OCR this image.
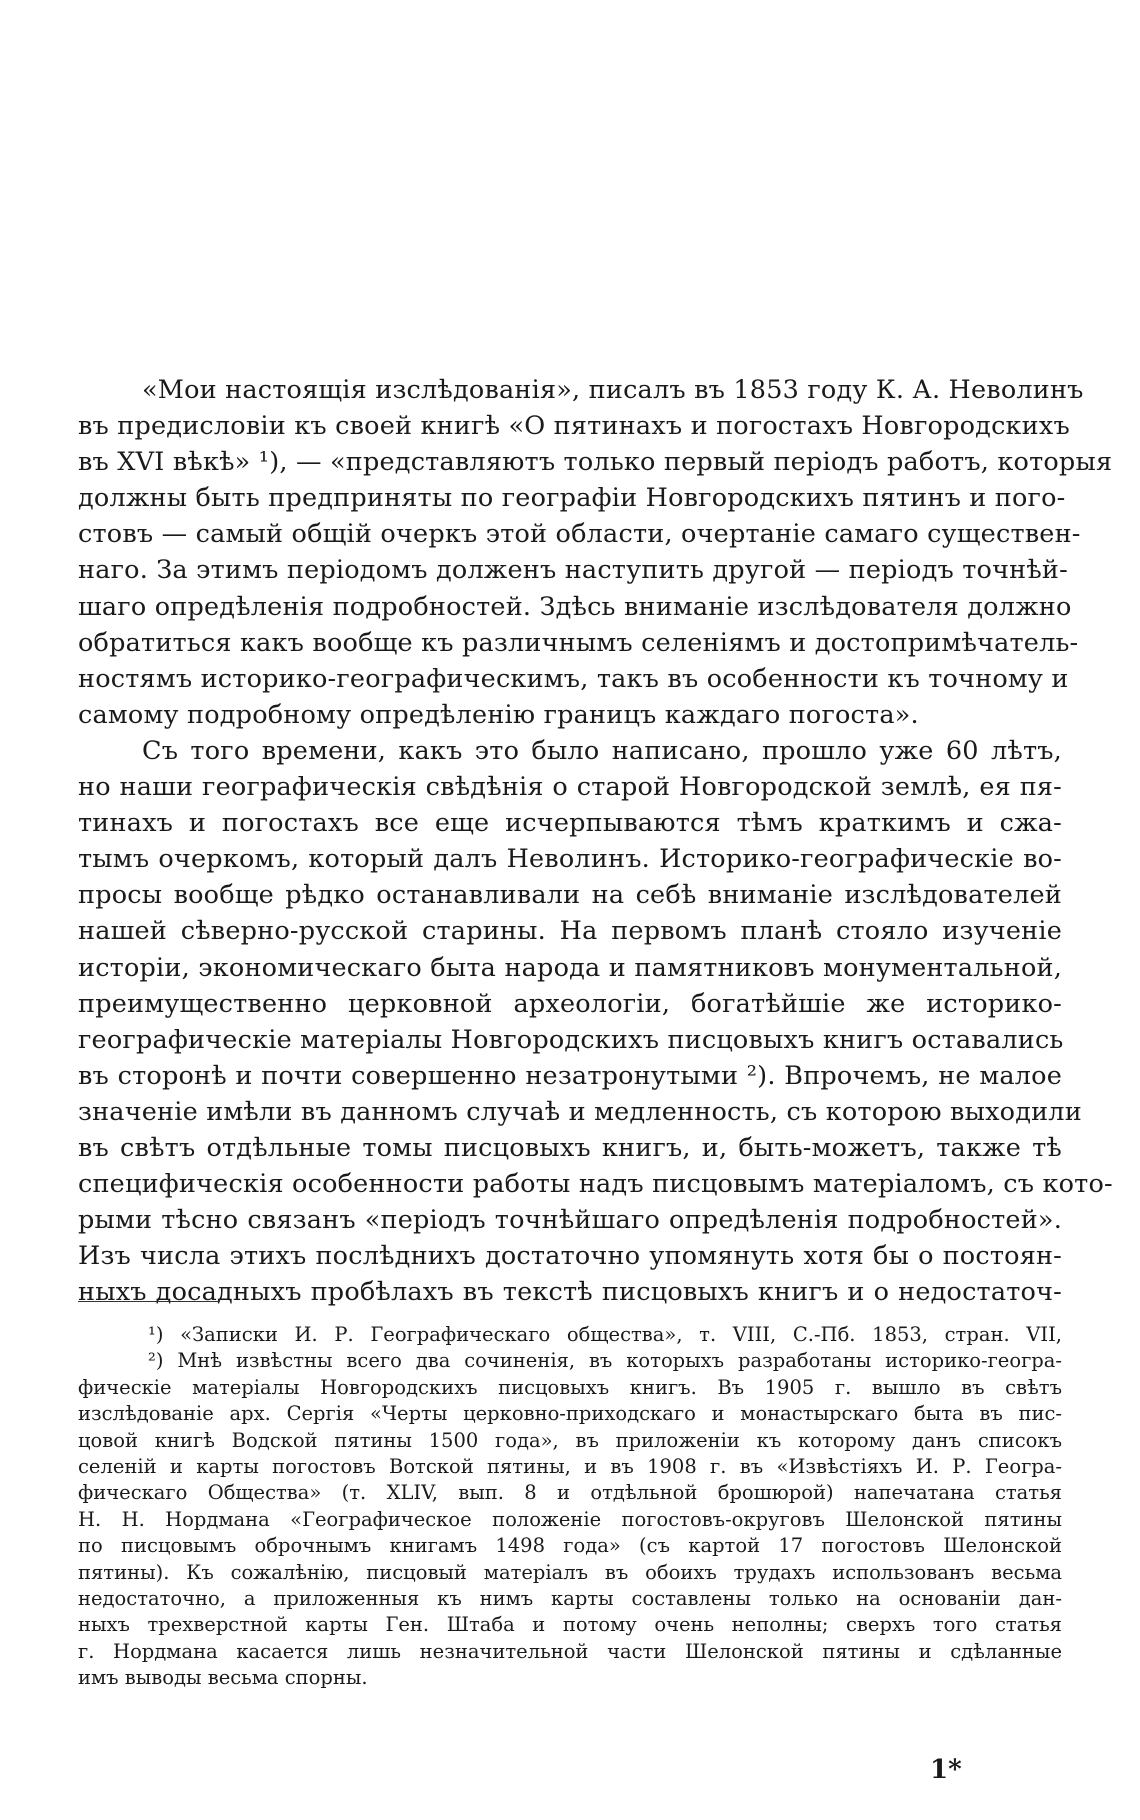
«Мои настоящія изслѣдованія», писалъ въ 1853 году К. А. Неволинъ
въ предисловіи къ своей книгѣ «О пятинахъ и погостахъ Новгородскихъ
въ XVI вѣкѣ» ¹), — «представляютъ только первый періодъ работъ, которыя
должны быть предприняты по географіи Новгородскихъ пятинъ и пого-
стовъ — самый общій очеркъ этой области, очертаніе самаго существен-
наго. За этимъ періодомъ долженъ наступить другой — періодъ точнѣй-
шаго опредѣленія подробностей. Здѣсь вниманіе изслѣдователя должно
обратиться какъ вообще къ различнымъ селеніямъ и достопримѣчатель-
ностямъ историко-географическимъ, такъ въ особенности къ точному и
самому подробному опредѣленію границъ каждаго погоста».
Съ того времени, какъ это было написано, прошло уже 60 лѣтъ,
но наши географическія свѣдѣнія о старой Новгородской землѣ, ея пя-
тинахъ и погостахъ все еще исчерпываются тѣмъ краткимъ и сжа-
тымъ очеркомъ, который далъ Неволинъ. Историко-географическіе во-
просы вообще рѣдко останавливали на себѣ вниманіе изслѣдователей
нашей сѣверно-русской старины. На первомъ планѣ стояло изученіе
исторіи, экономическаго быта народа и памятниковъ монументальной,
преимущественно церковной археологіи, богатѣйшіе же историко-
географическіе матеріалы Новгородскихъ писцовыхъ книгъ оставались
въ сторонѣ и почти совершенно незатронутыми ²). Впрочемъ, не малое
значеніе имѣли въ данномъ случаѣ и медленность, съ которою выходили
въ свѣтъ отдѣльные томы писцовыхъ книгъ, и, быть-можетъ, также тѣ
специфическія особенности работы надъ писцовымъ матеріаломъ, съ кото-
рыми тѣсно связанъ «періодъ точнѣйшаго опредѣленія подробностей».
Изъ числа этихъ послѣднихъ достаточно упомянуть хотя бы о постоян-
ныхъ досадныхъ пробѣлахъ въ текстѣ писцовыхъ книгъ и о недостаточ-
¹) «Записки И. Р. Географическаго общества», т. VIII, С.-Пб. 1853, стран. VII,
²) Мнѣ извѣстны всего два сочиненія, въ которыхъ разработаны историко-геогра-
фическіе матеріалы Новгородскихъ писцовыхъ книгъ. Въ 1905 г. вышло въ свѣтъ
изслѣдованіе арх. Сергія «Черты церковно-приходскаго и монастырскаго быта въ пис-
цовой книгѣ Водской пятины 1500 года», въ приложеніи къ которому данъ списокъ
селеній и карты погостовъ Вотской пятины, и въ 1908 г. въ «Извѣстіяхъ И. Р. Геогра-
фическаго Общества» (т. XLIV, вып. 8 и отдѣльной брошюрой) напечатана статья
Н. Н. Нордмана «Географическое положеніе погостовъ-округовъ Шелонской пятины
по писцовымъ оброчнымъ книгамъ 1498 года» (съ картой 17 погостовъ Шелонской
пятины). Къ сожалѣнію, писцовый матеріалъ въ обоихъ трудахъ использованъ весьма
недостаточно, а приложенныя къ нимъ карты составлены только на основаніи дан-
ныхъ трехверстной карты Ген. Штаба и потому очень неполны; сверхъ того статья
г. Нордмана касается лишь незначительной части Шелонской пятины и сдѣланные
имъ выводы весьма спорны.
1*
